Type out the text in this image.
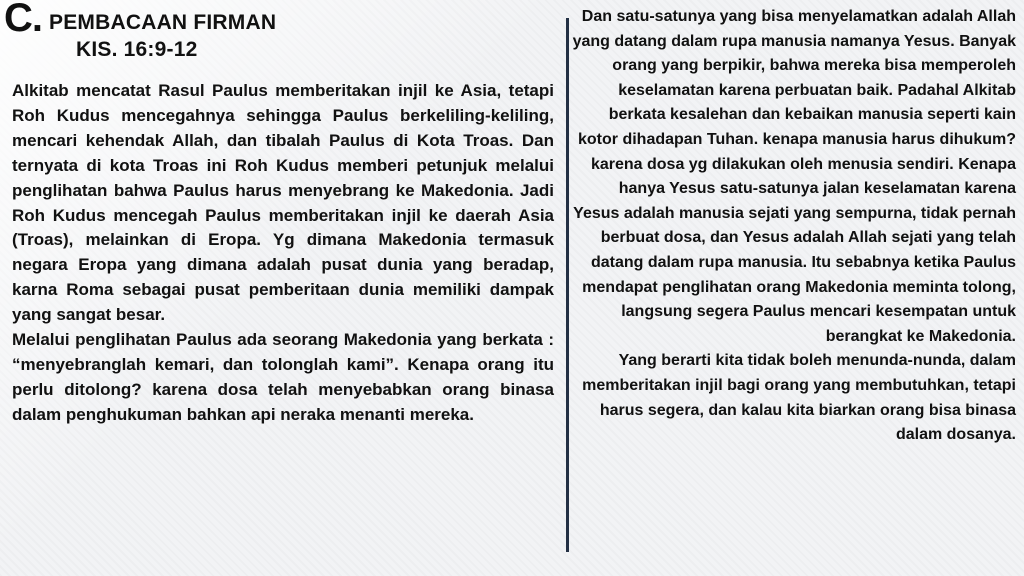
C. PEMBACAAN FIRMAN
KIS. 16:9-12

Alkitab mencatat Rasul Paulus memberitakan injil ke Asia, tetapi Roh Kudus mencegahnya sehingga Paulus berkeliling-keliling, mencari kehendak Allah, dan tibalah Paulus di Kota Troas. Dan ternyata di kota Troas ini Roh Kudus memberi petunjuk melalui penglihatan bahwa Paulus harus menyebrang ke Makedonia. Jadi Roh Kudus mencegah Paulus memberitakan injil ke daerah Asia (Troas), melainkan di Eropa. Yg dimana Makedonia termasuk negara Eropa yang dimana adalah pusat dunia yang beradap, karna Roma sebagai pusat pemberitaan dunia memiliki dampak yang sangat besar.

Melalui penglihatan Paulus ada seorang Makedonia yang berkata : “menyebranglah kemari, dan tolonglah kami”. Kenapa orang itu perlu ditolong? karena dosa telah menyebabkan orang binasa dalam penghukuman bahkan api neraka menanti mereka.

Dan satu-satunya yang bisa menyelamatkan adalah Allah yang datang dalam rupa manusia namanya Yesus. Banyak orang yang berpikir, bahwa mereka bisa memperoleh keselamatan karena perbuatan baik. Padahal Alkitab berkata kesalehan dan kebaikan manusia seperti kain kotor dihadapan Tuhan. kenapa manusia harus dihukum? karena dosa yg dilakukan oleh menusia sendiri. Kenapa hanya Yesus satu-satunya jalan keselamatan karena Yesus adalah manusia sejati yang sempurna, tidak pernah berbuat dosa, dan Yesus adalah Allah sejati yang telah datang dalam rupa manusia. Itu sebabnya ketika Paulus mendapat penglihatan orang Makedonia meminta tolong, langsung segera Paulus mencari kesempatan untuk berangkat ke Makedonia.

Yang berarti kita tidak boleh menunda-nunda, dalam memberitakan injil bagi orang yang membutuhkan, tetapi harus segera, dan kalau kita biarkan orang bisa binasa dalam dosanya.
